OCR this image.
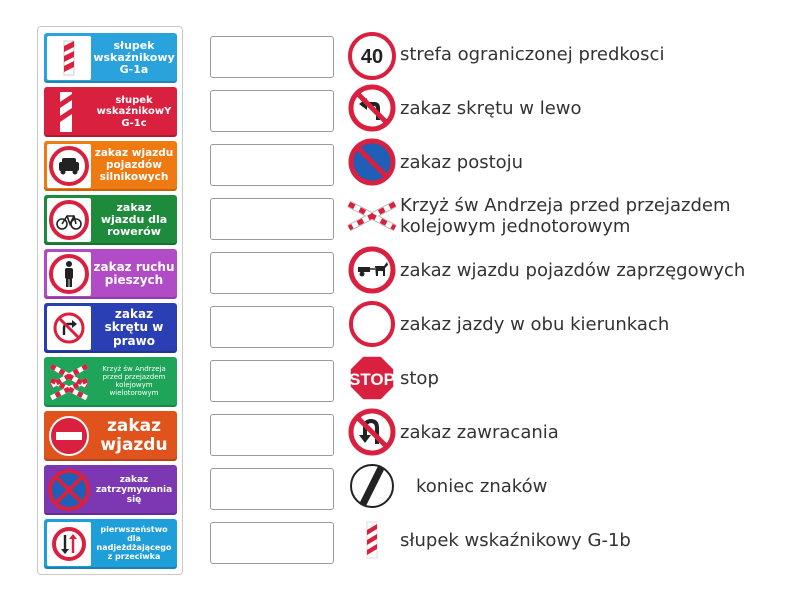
słupek wskaźnikowy G-1a
słupek wskaźnikowY G-1c
zakaz wjazdu pojazdów silnikowych
zakaz wjazdu dla rowerów
zakaz ruchu pieszych
zakaz skrętu w prawo
Krzyż św Andrzeja przed przejazdem kolejowym wielotorowym
zakaz wjazdu
zakaz zatrzymywania się
pierwszeństwo dla nadjeżdżającego z przeciwka
40 strefa ograniczonej predkosci
zakaz skrętu w lewo
zakaz postoju
Krzyż św Andrzeja przed przejazdem
kolejowym jednotorowym
zakaz wjazdu pojazdów zaprzęgowych
zakaz jazdy w obu kierunkach
STOP stop
zakaz zawracania
koniec znaków
słupek wskaźnikowy G-1b
